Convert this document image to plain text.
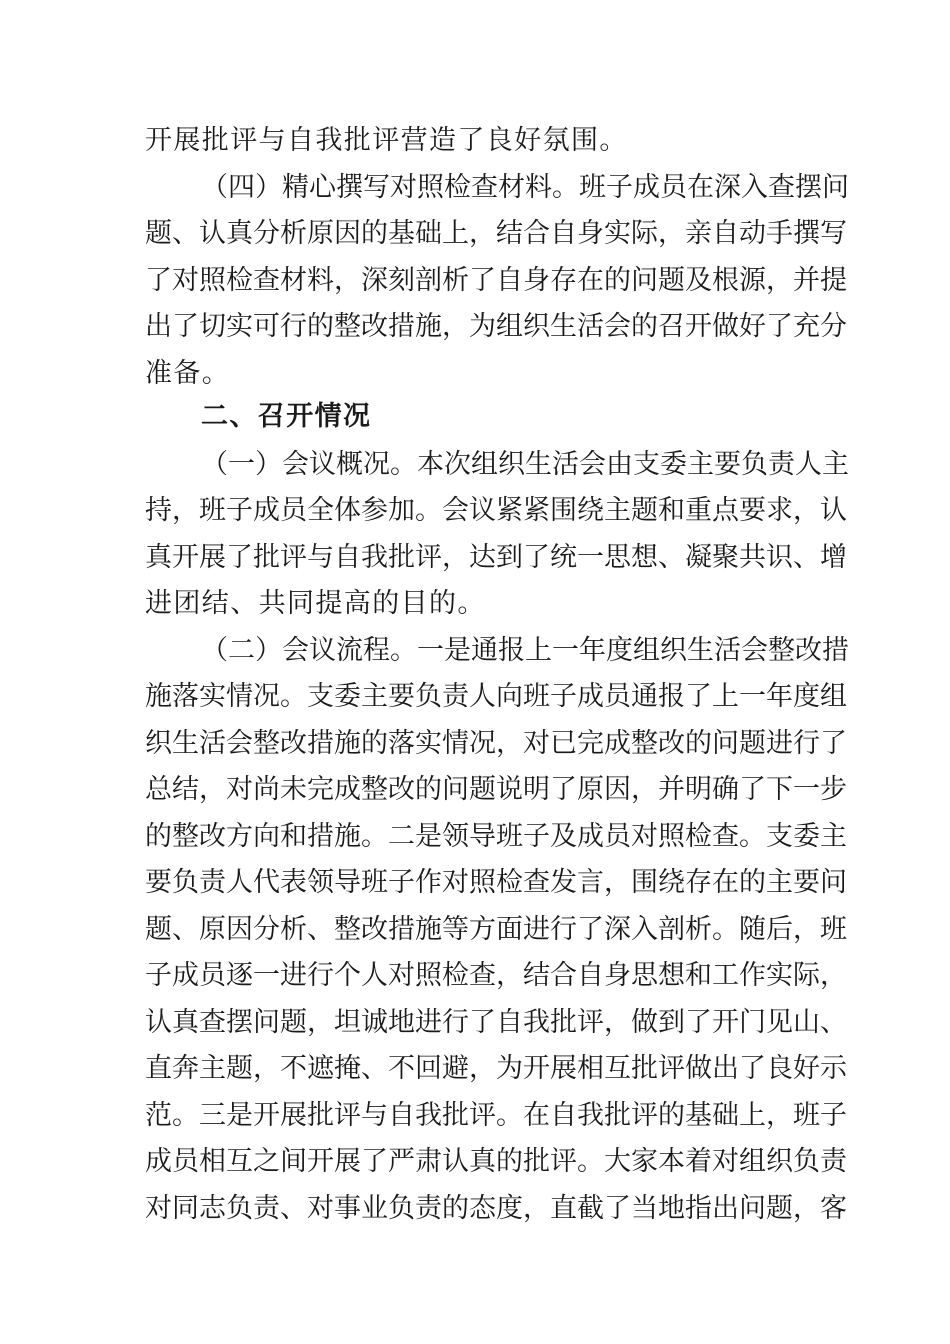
开展批评与自我批评营造了良好氛围。
（四）精心撰写对照检查材料。班子成员在深入查摆问
题、认真分析原因的基础上，结合自身实际，亲自动手撰写
了对照检查材料，深刻剖析了自身存在的问题及根源，并提
出了切实可行的整改措施，为组织生活会的召开做好了充分
准备。
二、召开情况
（一）会议概况。本次组织生活会由支委主要负责人主
持，班子成员全体参加。会议紧紧围绕主题和重点要求，认
真开展了批评与自我批评，达到了统一思想、凝聚共识、增
进团结、共同提高的目的。
（二）会议流程。一是通报上一年度组织生活会整改措
施落实情况。支委主要负责人向班子成员通报了上一年度组
织生活会整改措施的落实情况，对已完成整改的问题进行了
总结，对尚未完成整改的问题说明了原因，并明确了下一步
的整改方向和措施。二是领导班子及成员对照检查。支委主
要负责人代表领导班子作对照检查发言，围绕存在的主要问
题、原因分析、整改措施等方面进行了深入剖析。随后，班
子成员逐一进行个人对照检查，结合自身思想和工作实际，
认真查摆问题，坦诚地进行了自我批评，做到了开门见山、
直奔主题，不遮掩、不回避，为开展相互批评做出了良好示
范。三是开展批评与自我批评。在自我批评的基础上，班子
成员相互之间开展了严肃认真的批评。大家本着对组织负责
对同志负责、对事业负责的态度，直截了当地指出问题，客
